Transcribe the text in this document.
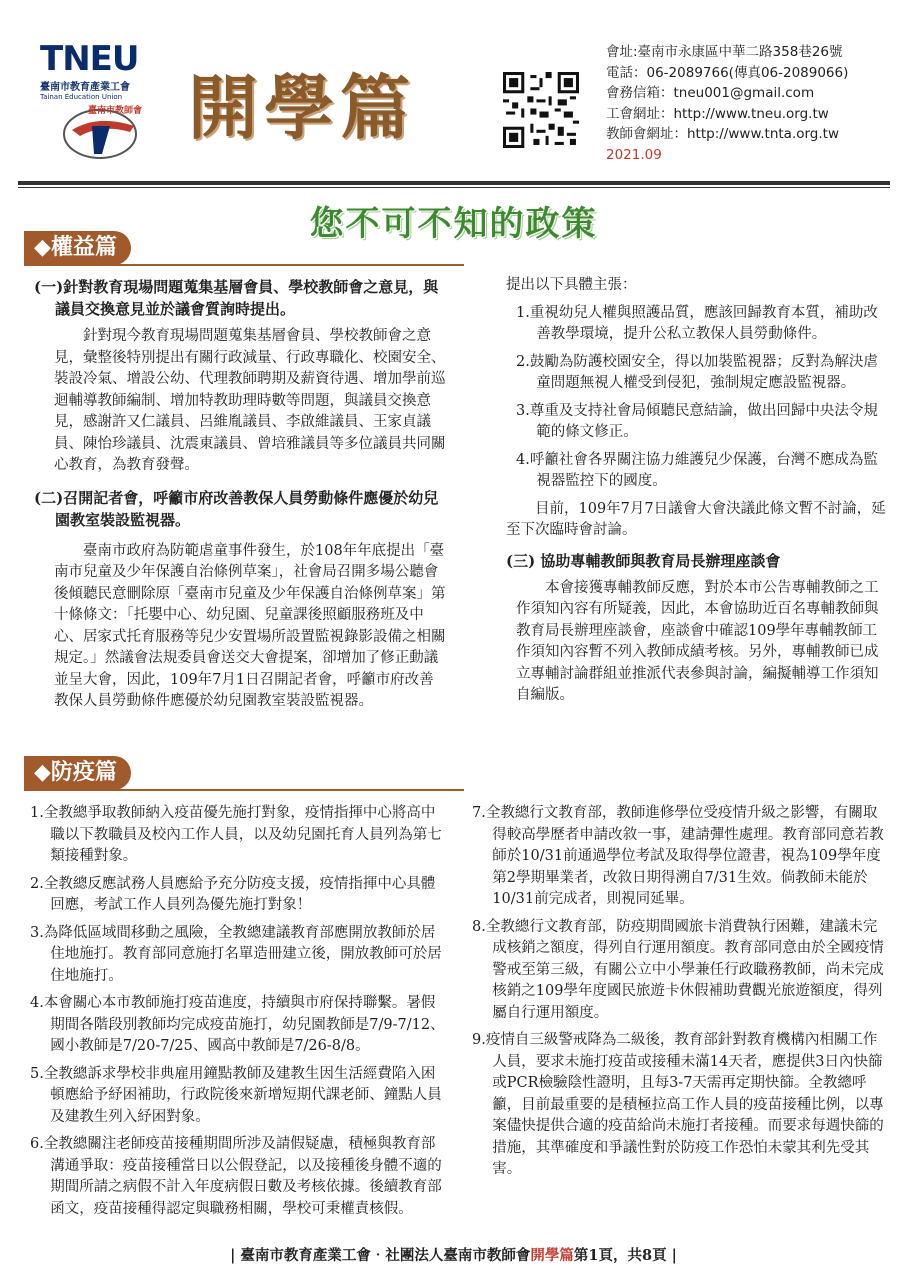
TNEU
臺南市教育產業工會
Tainan Education Union
臺南市教師會 開學篇
會址:臺南市永康區中華二路358巷26號
電話：06-2089766(傳真06-2089066)
會務信箱：tneu001@gmail.com
工會網址：http://www.tneu.org.tw
教師會網址：http://www.tnta.org.tw
2021.09
您不可不知的政策
◆權益篇
(一)針對教育現場問題蒐集基層會員、學校教師會之意見，與議員交換意見並於議會質詢時提出。
針對現今教育現場問題蒐集基層會員、學校教師會之意見，彙整後特別提出有關行政減量、行政專職化、校園安全、裝設冷氣、增設公幼、代理教師聘期及薪資待遇、增加學前巡迴輔導教師編制、增加特教助理時數等問題，與議員交換意見，感謝許又仁議員、呂維胤議員、李啟維議員、王家貞議員、陳怡珍議員、沈震東議員、曾培雅議員等多位議員共同關心教育，為教育發聲。
(二)召開記者會，呼籲市府改善教保人員勞動條件應優於幼兒園教室裝設監視器。
臺南市政府為防範虐童事件發生，於108年年底提出「臺南市兒童及少年保護自治條例草案」，社會局召開多場公聽會後傾聽民意刪除原「臺南市兒童及少年保護自治條例草案」第十條條文：「托嬰中心、幼兒園、兒童課後照顧服務班及中心、居家式托育服務等兒少安置場所設置監視錄影設備之相關規定。」然議會法規委員會送交大會提案，卻增加了修正動議並呈大會，因此，109年7月1日召開記者會，呼籲市府改善教保人員勞動條件應優於幼兒園教室裝設監視器。
提出以下具體主張：
1.重視幼兒人權與照護品質，應該回歸教育本質，補助改善教學環境，提升公私立教保人員勞動條件。
2.鼓勵為防護校園安全，得以加裝監視器；反對為解決虐童問題無視人權受到侵犯，強制規定應設監視器。
3.尊重及支持社會局傾聽民意結論，做出回歸中央法令規範的條文修正。
4.呼籲社會各界關注協力維護兒少保護，台灣不應成為監視器監控下的國度。
目前，109年7月7日議會大會決議此條文暫不討論，延至下次臨時會討論。
(三) 協助專輔教師與教育局長辦理座談會
本會接獲專輔教師反應，對於本市公告專輔教師之工作須知內容有所疑義，因此，本會協助近百名專輔教師與教育局長辦理座談會，座談會中確認109學年專輔教師工作須知內容暫不列入教師成績考核。另外，專輔教師已成立專輔討論群組並推派代表參與討論，編擬輔導工作須知自編版。
◆防疫篇
1.全教總爭取教師納入疫苗優先施打對象，疫情指揮中心將高中職以下教職員及校內工作人員，以及幼兒園托育人員列為第七類接種對象。
2.全教總反應試務人員應給予充分防疫支援，疫情指揮中心具體回應，考試工作人員列為優先施打對象！
3.為降低區域間移動之風險，全教總建議教育部應開放教師於居住地施打。教育部同意施打名單造冊建立後，開放教師可於居住地施打。
4.本會關心本市教師施打疫苗進度，持續與市府保持聯繫。暑假期間各階段別教師均完成疫苗施打，幼兒園教師是7/9-7/12、國小教師是7/20-7/25、國高中教師是7/26-8/8。
5.全教總訴求學校非典雇用鐘點教師及建教生因生活經費陷入困頓應給予紓困補助，行政院後來新增短期代課老師、鐘點人員及建教生列入紓困對象。
6.全教總關注老師疫苗接種期間所涉及請假疑慮，積極與教育部溝通爭取：疫苗接種當日以公假登記，以及接種後身體不適的期間所請之病假不計入年度病假日數及考核依據。後續教育部函文，疫苗接種得認定與職務相關，學校可秉權責核假。
7.全教總行文教育部，教師進修學位受疫情升級之影響，有關取得較高學歷者申請改敘一事，建請彈性處理。教育部同意若教師於10/31前通過學位考試及取得學位證書，視為109學年度第2學期畢業者，改敘日期得溯自7/31生效。倘教師未能於10/31前完成者，則視同延畢。
8.全教總行文教育部，防疫期間國旅卡消費執行困難，建議未完成核銷之額度，得列自行運用額度。教育部同意由於全國疫情警戒至第三級，有關公立中小學兼任行政職務教師，尚未完成核銷之109學年度國民旅遊卡休假補助費觀光旅遊額度，得列屬自行運用額度。
9.疫情自三級警戒降為二級後，教育部針對教育機構內相關工作人員，要求未施打疫苗或接種未滿14天者，應提供3日內快篩或PCR檢驗陰性證明，且每3-7天需再定期快篩。全教總呼籲，目前最重要的是積極拉高工作人員的疫苗接種比例，以專案儘快提供合適的疫苗給尚未施打者接種。而要求每週快篩的措施，其準確度和爭議性對於防疫工作恐怕未蒙其利先受其害。
| 臺南市教育產業工會‧社團法人臺南市教師會開學篇第1頁，共8頁 |
